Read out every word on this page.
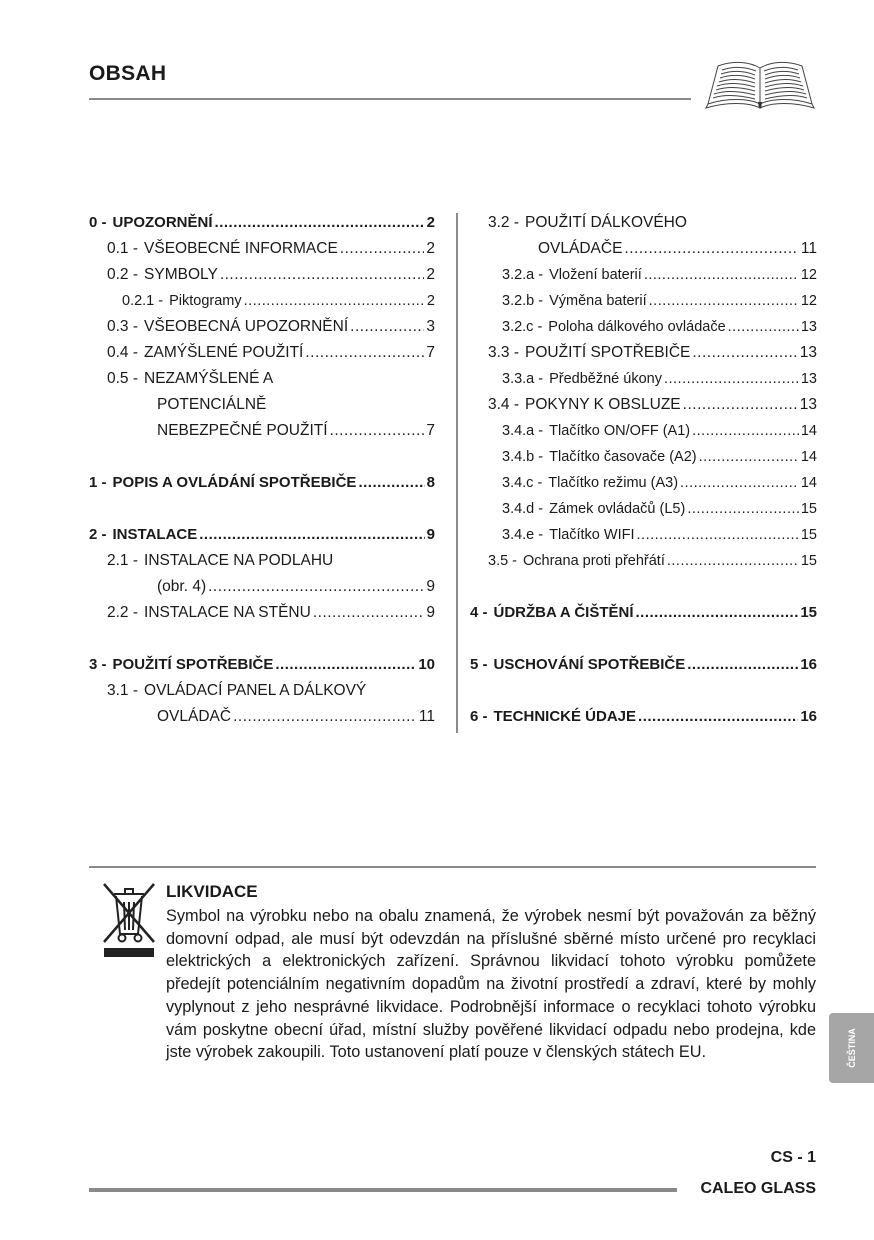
OBSAH
0 - UPOZORNĚNÍ .....	2
0.1 - VŠEOBECNÉ INFORMACE .....	2
0.2 - SYMBOLY .....	2
0.2.1 - Piktogramy .....	2
0.3 - VŠEOBECNÁ UPOZORNĚNÍ .....	3
0.4 - ZAMÝŠLENÉ POUŽITÍ .....	7
0.5 - NEZAMÝŠLENÉ A
POTENCIÁLNĚ
NEBEZPEČNÉ POUŽITÍ .....	7
1 - POPIS A OVLÁDÁNÍ SPOTŘEBIČE .....	8
2 - INSTALACE .....	9
2.1 - INSTALACE NA PODLAHU
(obr. 4) .....	9
2.2 - INSTALACE NA STĚNU .....	9
3 - POUŽITÍ SPOTŘEBIČE .....	10
3.1 - OVLÁDACÍ PANEL A DÁLKOVÝ
OVLÁDAČ .....	11
3.2 - POUŽITÍ DÁLKOVÉHO
OVLÁDAČE .....	11
3.2.a - Vložení baterií .....	12
3.2.b - Výměna baterií .....	12
3.2.c - Poloha dálkového ovládače .....	13
3.3 - POUŽITÍ SPOTŘEBIČE .....	13
3.3.a - Předběžné úkony .....	13
3.4 - POKYNY K OBSLUZE .....	13
3.4.a - Tlačítko ON/OFF (A1) .....	14
3.4.b - Tlačítko časovače (A2) .....	14
3.4.c - Tlačítko režimu (A3) .....	14
3.4.d - Zámek ovládačů (L5) .....	15
3.4.e - Tlačítko WIFI .....	15
3.5 - Ochrana proti přehřátí .....	15
4 - ÚDRŽBA A ČIŠTĚNÍ .....	15
5 - USCHOVÁNÍ SPOTŘEBIČE .....	16
6 - TECHNICKÉ ÚDAJE .....	16
LIKVIDACE
Symbol na výrobku nebo na obalu znamená, že výrobek nesmí být považován za běžný domovní odpad, ale musí být odevzdán na příslušné sběrné místo určené pro recyklaci elektrických a elektronických zařízení. Správnou likvidací tohoto výrobku pomůžete předejít potenciálním negativním dopadům na životní prostředí a zdraví, které by mohly vyplynout z jeho nesprávné likvidace. Podrobnější informace o recyklaci tohoto výrobku vám poskytne obecní úřad, místní služby pověřené likvidací odpadu nebo prodejna, kde jste výrobek zakoupili. Toto ustanovení platí pouze v členských státech EU.	ČEŠTINA
CS - 1
CALEO GLASS
